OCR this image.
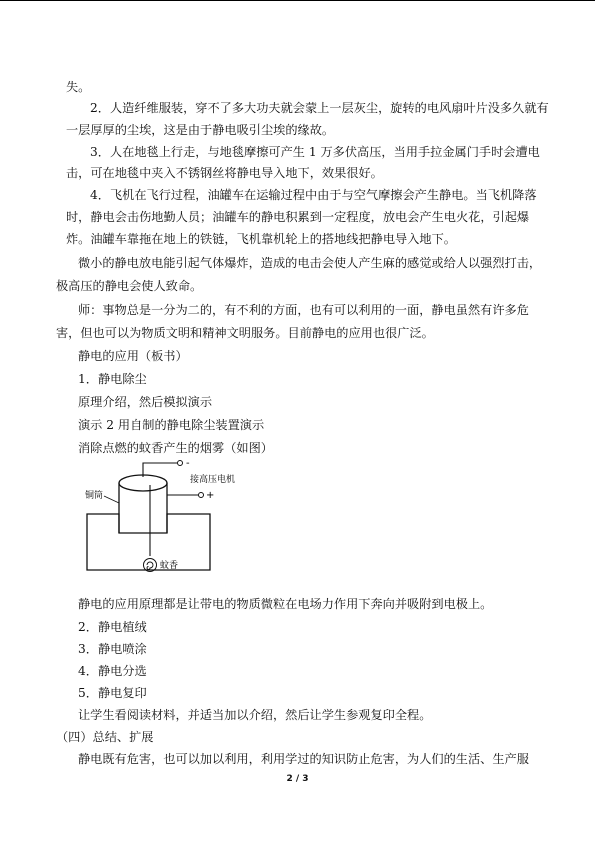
失。
2．人造纤维服装，穿不了多大功夫就会蒙上一层灰尘，旋转的电风扇叶片没多久就有
一层厚厚的尘埃，这是由于静电吸引尘埃的缘故。
3．人在地毯上行走，与地毯摩擦可产生 1 万多伏高压，当用手拉金属门手时会遭电
击，可在地毯中夹入不锈钢丝将静电导入地下，效果很好。
4．飞机在飞行过程，油罐车在运输过程中由于与空气摩擦会产生静电。当飞机降落
时，静电会击伤地勤人员；油罐车的静电积累到一定程度，放电会产生电火花，引起爆
炸。油罐车靠拖在地上的铁链，飞机靠机轮上的搭地线把静电导入地下。
微小的静电放电能引起气体爆炸，造成的电击会使人产生麻的感觉或给人以强烈打击，
极高压的静电会使人致命。
师：事物总是一分为二的，有不利的方面，也有可以利用的一面，静电虽然有许多危
害，但也可以为物质文明和精神文明服务。目前静电的应用也很广泛。
静电的应用（板书）
1．静电除尘
原理介绍，然后模拟演示
演示 2 用自制的静电除尘装置演示
消除点燃的蚊香产生的烟雾（如图）
-
+
接高压电机
铜筒
蚊香
静电的应用原理都是让带电的物质微粒在电场力作用下奔向并吸附到电极上。
2．静电植绒
3．静电喷涂
4．静电分选
5．静电复印
让学生看阅读材料，并适当加以介绍，然后让学生参观复印全程。
（四）总结、扩展
静电既有危害，也可以加以利用，利用学过的知识防止危害，为人们的生活、生产服
2 / 3
